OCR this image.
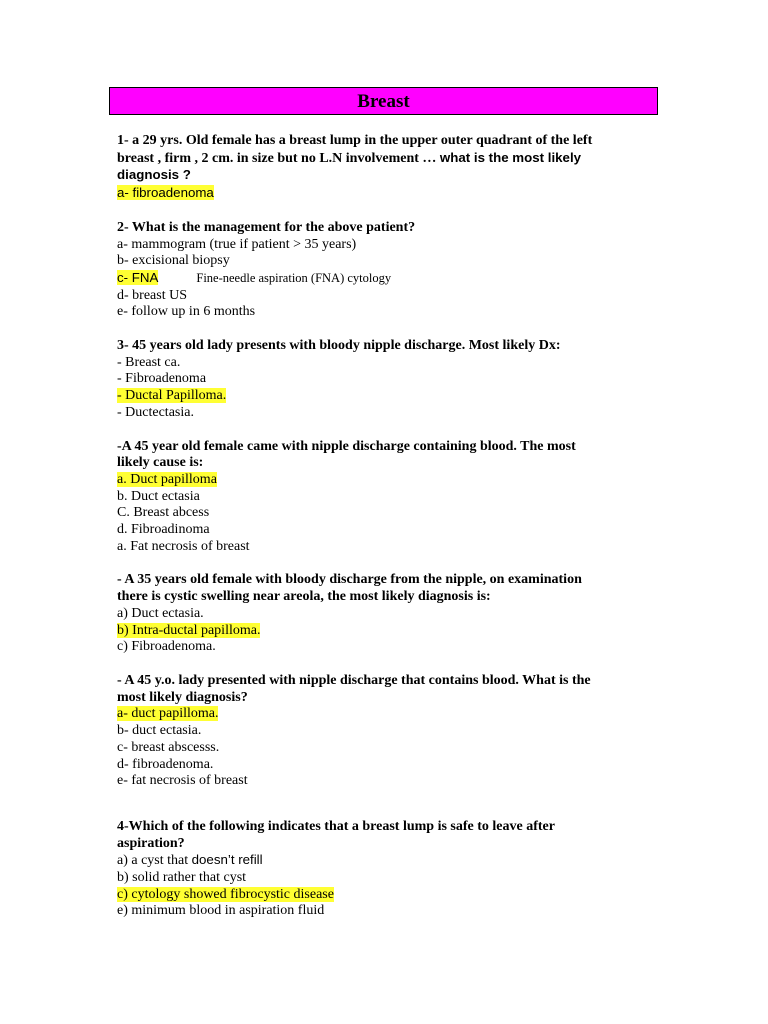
Breast
1- a 29 yrs. Old female has a breast lump in the upper outer quadrant of the left
breast , firm , 2 cm. in size but no L.N involvement … what is the most likely
diagnosis ?
a- fibroadenoma
2- What is the management for the above patient?
a- mammogram (true if patient > 35 years)
b- excisional biopsy
c- FNA	Fine-needle aspiration (FNA) cytology
d- breast US
e- follow up in 6 months
3- 45 years old lady presents with bloody nipple discharge. Most likely Dx:
- Breast ca.
- Fibroadenoma
- Ductal Papilloma.
- Ductectasia.
-A 45 year old female came with nipple discharge containing blood. The most
likely cause is:
a. Duct papilloma
b. Duct ectasia
C. Breast abcess
d. Fibroadinoma
a. Fat necrosis of breast
- A 35 years old female with bloody discharge from the nipple, on examination
there is cystic swelling near areola, the most likely diagnosis is:
a) Duct ectasia.
b) Intra-ductal papilloma.
c) Fibroadenoma.
- A 45 y.o. lady presented with nipple discharge that contains blood. What is the
most likely diagnosis?
a- duct papilloma.
b- duct ectasia.
c- breast abscesss.
d- fibroadenoma.
e- fat necrosis of breast
4-Which of the following indicates that a breast lump is safe to leave after
aspiration?
a) a cyst that doesn’t refill
b) solid rather that cyst
c) cytology showed fibrocystic disease
e) minimum blood in aspiration fluid
